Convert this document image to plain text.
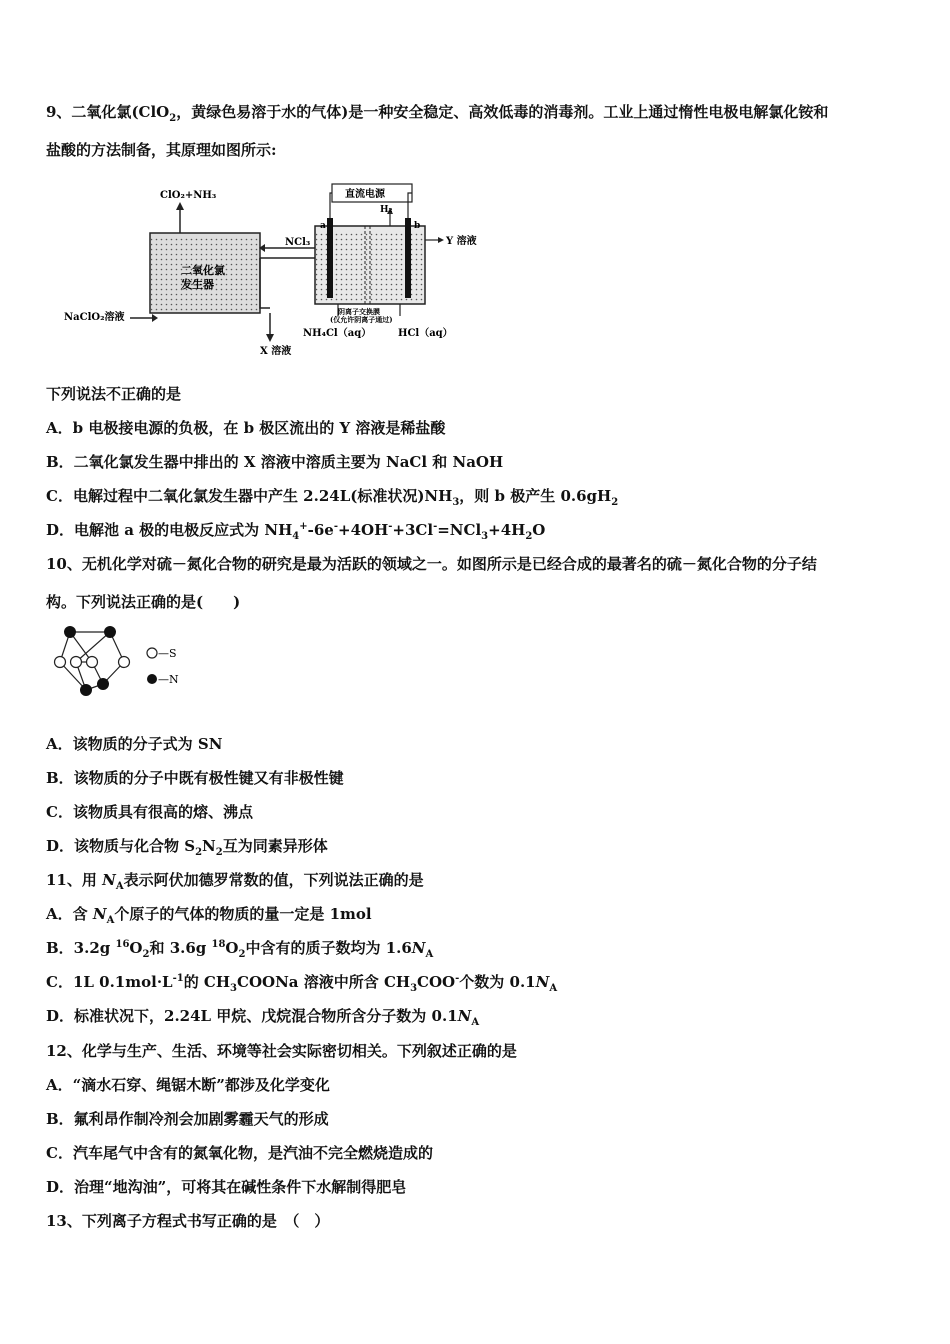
9、二氧化氯(ClO$_2$，黄绿色易溶于水的气体)是一种安全稳定、高效低毒的消毒剂。工业上通过惰性电极电解氯化铵和
盐酸的方法制备，其原理如图所示:
ClO₂+NH₃	直流电源
二氧化氯
发生器
NCl₃
NaClO₂溶液
X 溶液
Y 溶液
H₂
a	b
阴离子交换膜
(仅允许阴离子通过)
NH₄Cl（aq）	HCl（aq）
下列说法不正确的是
A．b 电极接电源的负极，在 b 极区流出的 Y 溶液是稀盐酸
B．二氧化氯发生器中排出的 X 溶液中溶质主要为 NaCl 和 NaOH
C．电解过程中二氧化氯发生器中产生 2.24L(标准状况)$NH_3$，则 b 极产生 $0.6gH_2$
D．电解池 a 极的电极反应式为 $NH_4^+-6e^-+4OH^-+3Cl^-=NCl_3+4H_2O$
10、无机化学对硫－氮化合物的研究是最为活跃的领域之一。如图所示是已经合成的最著名的硫－氮化合物的分子结
构。下列说法正确的是(　　)
—S
—N
A．该物质的分子式为 SN
B．该物质的分子中既有极性键又有非极性键
C．该物质具有很高的熔、沸点
D．该物质与化合物 $S_2N_2$互为同素异形体
11、用 $N_A$表示阿伏加德罗常数的值，下列说法正确的是
A．含 $N_A$个原子的气体的物质的量一定是 1mol
B．3.2g $^{16}O_2$和 3.6g $^{18}O_2$中含有的质子数均为 $1.6N_A$
C．1L $0.1mol\cdot L^{-1}$的 $CH_3COONa$ 溶液中所含 $CH_3COO^-$个数为 $0.1N_A$
D．标准状况下，2.24L 甲烷、戊烷混合物所含分子数为 $0.1N_A$
12、化学与生产、生活、环境等社会实际密切相关。下列叙述正确的是
A．“滴水石穿、绳锯木断”都涉及化学变化
B．氟利昂作制冷剂会加剧雾霾天气的形成
C．汽车尾气中含有的氮氧化物，是汽油不完全燃烧造成的
D．治理“地沟油”，可将其在碱性条件下水解制得肥皂
13、下列离子方程式书写正确的是　（　）
